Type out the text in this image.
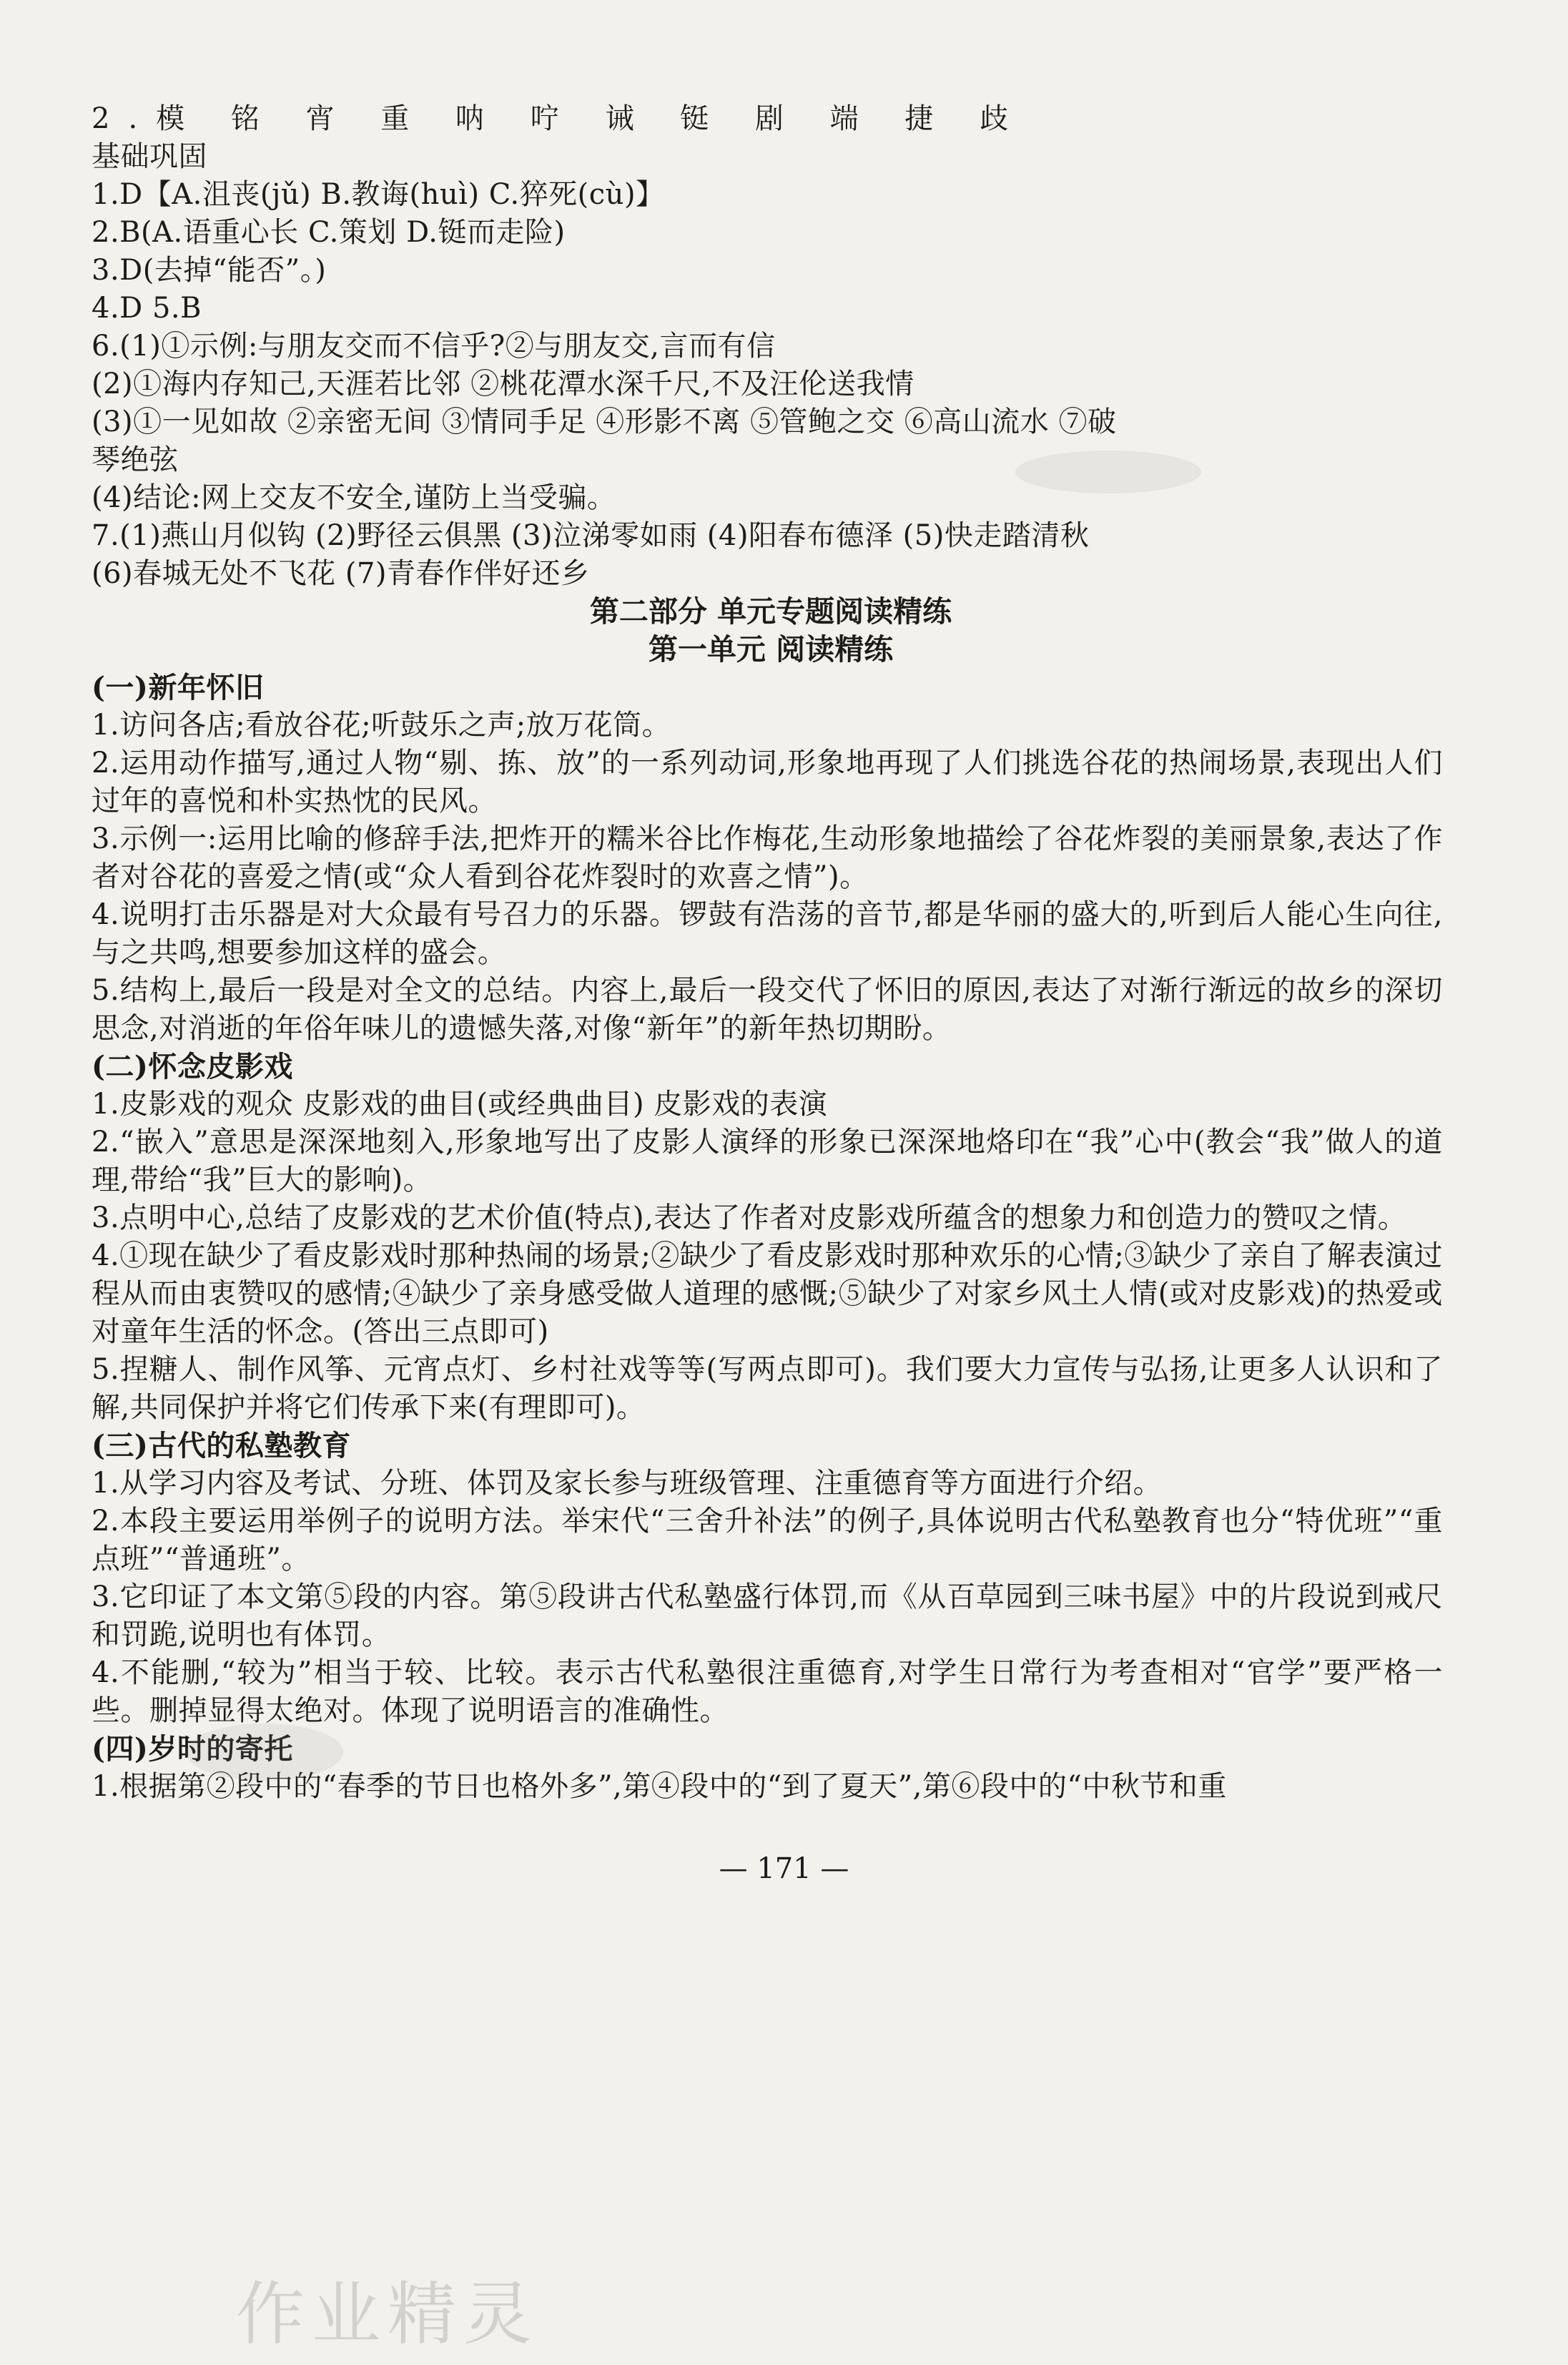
2.模 铭 宵 重 呐 咛 诫 铤 剧 端 捷 歧
基础巩固
1.D【A.沮丧(jǔ) B.教诲(huì) C.猝死(cù)】
2.B(A.语重心长 C.策划 D.铤而走险)
3.D(去掉“能否”。)
4.D 5.B
6.(1)①示例:与朋友交而不信乎?②与朋友交,言而有信
(2)①海内存知己,天涯若比邻 ②桃花潭水深千尺,不及汪伦送我情
(3)①一见如故 ②亲密无间 ③情同手足 ④形影不离 ⑤管鲍之交 ⑥高山流水 ⑦破
琴绝弦
(4)结论:网上交友不安全,谨防上当受骗。
7.(1)燕山月似钩 (2)野径云俱黑 (3)泣涕零如雨 (4)阳春布德泽 (5)快走踏清秋
(6)春城无处不飞花 (7)青春作伴好还乡
第二部分 单元专题阅读精练
第一单元 阅读精练
(一)新年怀旧
1.访问各店;看放谷花;听鼓乐之声;放万花筒。
2.运用动作描写,通过人物“剔、拣、放”的一系列动词,形象地再现了人们挑选谷花的热闹场景,表现出人们过年的喜悦和朴实热忱的民风。
3.示例一:运用比喻的修辞手法,把炸开的糯米谷比作梅花,生动形象地描绘了谷花炸裂的美丽景象,表达了作者对谷花的喜爱之情(或“众人看到谷花炸裂时的欢喜之情”)。
4.说明打击乐器是对大众最有号召力的乐器。锣鼓有浩荡的音节,都是华丽的盛大的,听到后人能心生向往,与之共鸣,想要参加这样的盛会。
5.结构上,最后一段是对全文的总结。内容上,最后一段交代了怀旧的原因,表达了对渐行渐远的故乡的深切思念,对消逝的年俗年味儿的遗憾失落,对像“新年”的新年热切期盼。
(二)怀念皮影戏
1.皮影戏的观众 皮影戏的曲目(或经典曲目) 皮影戏的表演
2.“嵌入”意思是深深地刻入,形象地写出了皮影人演绎的形象已深深地烙印在“我”心中(教会“我”做人的道理,带给“我”巨大的影响)。
3.点明中心,总结了皮影戏的艺术价值(特点),表达了作者对皮影戏所蕴含的想象力和创造力的赞叹之情。
4.①现在缺少了看皮影戏时那种热闹的场景;②缺少了看皮影戏时那种欢乐的心情;③缺少了亲自了解表演过程从而由衷赞叹的感情;④缺少了亲身感受做人道理的感慨;⑤缺少了对家乡风土人情(或对皮影戏)的热爱或对童年生活的怀念。(答出三点即可)
5.捏糖人、制作风筝、元宵点灯、乡村社戏等等(写两点即可)。我们要大力宣传与弘扬,让更多人认识和了解,共同保护并将它们传承下来(有理即可)。
(三)古代的私塾教育
1.从学习内容及考试、分班、体罚及家长参与班级管理、注重德育等方面进行介绍。
2.本段主要运用举例子的说明方法。举宋代“三舍升补法”的例子,具体说明古代私塾教育也分“特优班”“重点班”“普通班”。
3.它印证了本文第⑤段的内容。第⑤段讲古代私塾盛行体罚,而《从百草园到三味书屋》中的片段说到戒尺和罚跪,说明也有体罚。
4.不能删,“较为”相当于较、比较。表示古代私塾很注重德育,对学生日常行为考查相对“官学”要严格一些。删掉显得太绝对。体现了说明语言的准确性。
(四)岁时的寄托
1.根据第②段中的“春季的节日也格外多”,第④段中的“到了夏天”,第⑥段中的“中秋节和重
— 171 —
作业精灵
